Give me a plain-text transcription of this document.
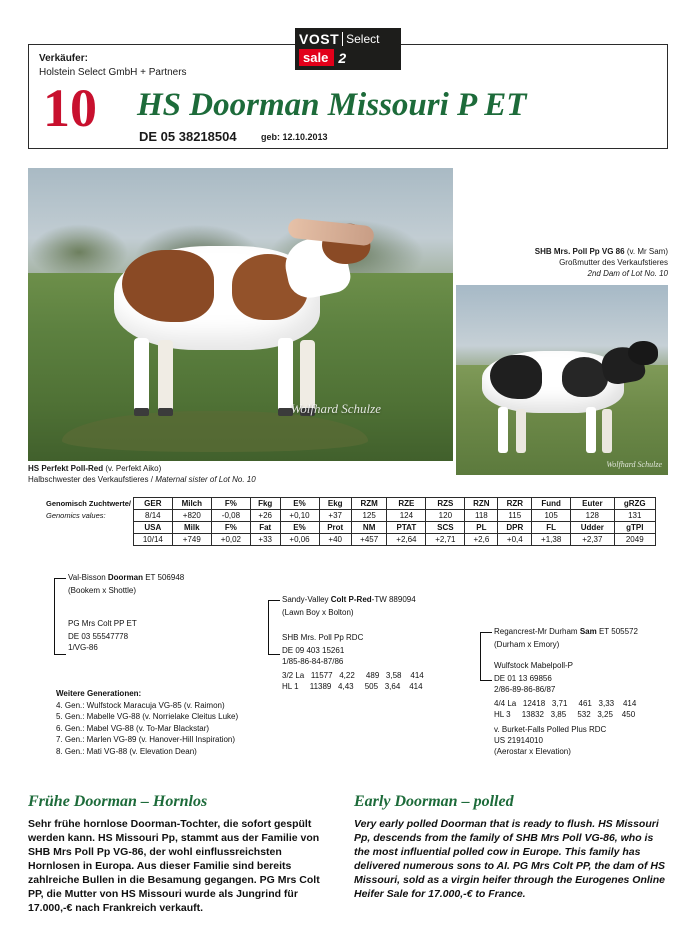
VOST Select
sale 2
Verkäufer:
Holstein Select GmbH + Partners
10 HS Doorman Missouri P ET
DE 05 38218504	geb: 12.10.2013
Wolfhard Schulze
Wolfhard Schulze
SHB Mrs. Poll Pp VG 86 (v. Mr Sam)
Großmutter des Verkaufstieres
2nd Dam of Lot No. 10
HS Perfekt Poll-Red (v. Perfekt Aiko)
Halbschwester des Verkaufstieres / Maternal sister of Lot No. 10
Genomisch Zuchtwerte/	GER	Milch	F%	Fkg	E%	Ekg	RZM	RZE	RZS	RZN	RZR	Fund	Euter	gRZG
Genomics values:	8/14	+820	-0,08	+26	+0,10	+37	125	124	120	118	115	105	128	131
	USA	Milk	F%	Fat	E%	Prot	NM	PTAT	SCS	PL	DPR	FL	Udder	gTPI
	10/14	+749	+0,02	+33	+0,06	+40	+457	+2,64	+2,71	+2,6	+0,4	+1,38	+2,37	2049
Val-Bisson Doorman ET 506948
(Bookem x Shottle)
PG Mrs Colt PP ET
DE 03 55547778
1/VG-86
Sandy-Valley Colt P-Red-TW 889094
(Lawn Boy x Bolton)
SHB Mrs. Poll Pp RDC
DE 09 403 15261
1/85-86-84-87/86
3/2 La   11577   4,22     489   3,58    414
HL 1     11389   4,43     505   3,64    414
Regancrest-Mr Durham Sam ET 505572
(Durham x Emory)
Wulfstock Mabelpoll-P
DE 01 13 69856
2/86-89-86-86/87
4/4 La   12418   3,71     461   3,33    414
HL 3     13832   3,85     532   3,25    450
v. Burket-Falls Polled Plus RDC
US 21914010
(Aerostar x Elevation)
Weitere Generationen:
4. Gen.: Wulfstock Maracuja VG-85 (v. Raimon)
5. Gen.: Mabelle VG-88 (v. Norrielake Cleitus Luke)
6. Gen.: Mabel VG-88 (v. To-Mar Blackstar)
7. Gen.: Marlen VG-89 (v. Hanover-Hill Inspiration)
8. Gen.: Mati VG-88 (v. Elevation Dean)
Frühe Doorman – Hornlos
Sehr frühe hornlose Doorman-Tochter, die sofort gespült werden kann. HS Missouri Pp, stammt aus der Familie von SHB Mrs Poll Pp VG-86, der wohl einflussreichsten Hornlosen in Europa. Aus dieser Familie sind bereits zahlreiche Bullen in die Besamung gegangen. PG Mrs Colt PP, die Mutter von HS Missouri wurde als Jungrind für 17.000,-€ nach Frankreich verkauft.
Early Doorman – polled
Very early polled Doorman that is ready to flush. HS Missouri Pp, descends from the family of SHB Mrs Poll VG-86, who is the most influential polled cow in Europe. This family has delivered numerous sons to AI. PG Mrs Colt PP, the dam of HS Missouri, sold as a virgin heifer through the Eurogenes Online Heifer Sale for 17.000,-€ to France.
